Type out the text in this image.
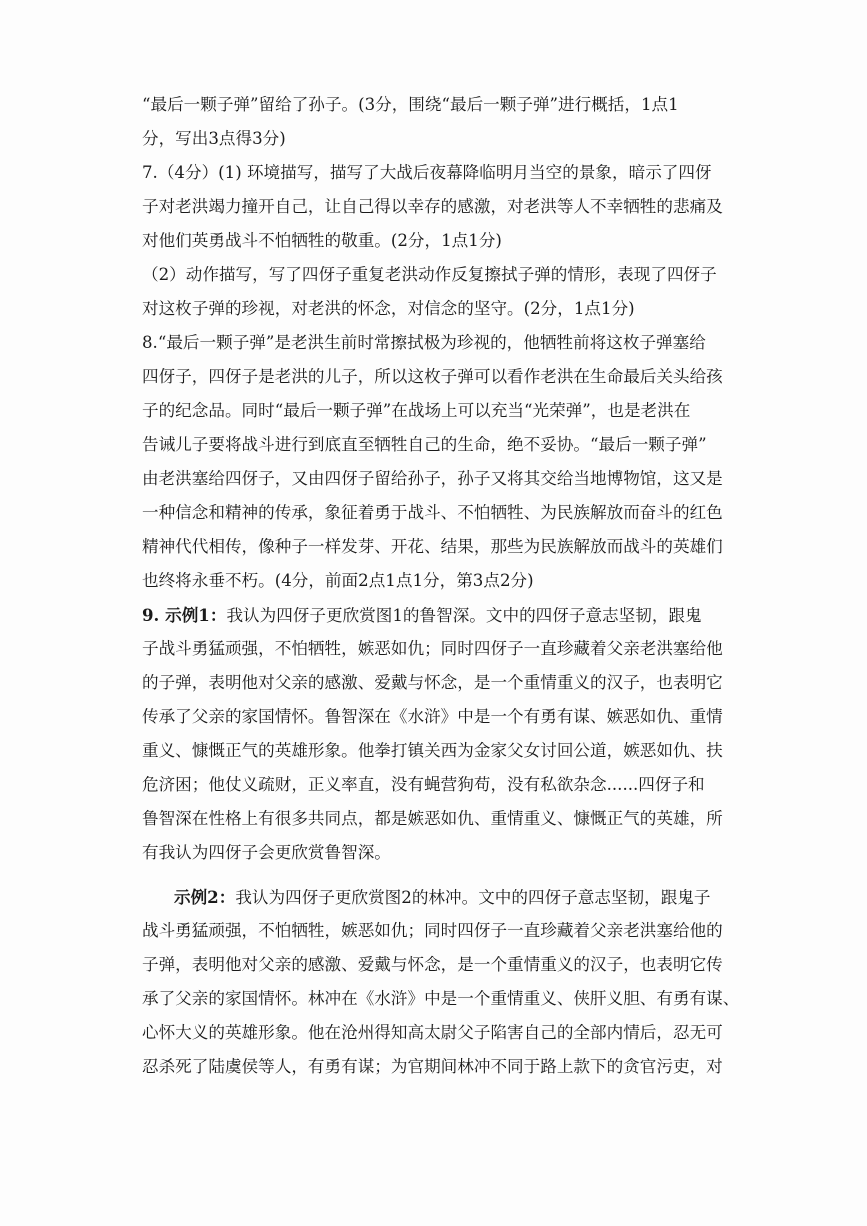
“最后一颗子弹”留给了孙子。(3分，围绕“最后一颗子弹”进行概括，1点1
分，写出3点得3分)
7.（4分）(1) 环境描写，描写了大战后夜幕降临明月当空的景象，暗示了四伢
子对老洪竭力撞开自己，让自己得以幸存的感激，对老洪等人不幸牺牲的悲痛及
对他们英勇战斗不怕牺牲的敬重。(2分，1点1分)
（2）动作描写，写了四伢子重复老洪动作反复擦拭子弹的情形，表现了四伢子
对这枚子弹的珍视，对老洪的怀念，对信念的坚守。(2分，1点1分)
8.“最后一颗子弹”是老洪生前时常擦拭极为珍视的，他牺牲前将这枚子弹塞给
四伢子，四伢子是老洪的儿子，所以这枚子弹可以看作老洪在生命最后关头给孩
子的纪念品。同时“最后一颗子弹”在战场上可以充当“光荣弹”，也是老洪在
告诫儿子要将战斗进行到底直至牺牲自己的生命，绝不妥协。“最后一颗子弹”
由老洪塞给四伢子，又由四伢子留给孙子，孙子又将其交给当地博物馆，这又是
一种信念和精神的传承，象征着勇于战斗、不怕牺牲、为民族解放而奋斗的红色
精神代代相传，像种子一样发芽、开花、结果，那些为民族解放而战斗的英雄们
也终将永垂不朽。(4分，前面2点1点1分，第3点2分)
9. 示例1：我认为四伢子更欣赏图1的鲁智深。文中的四伢子意志坚韧，跟鬼
子战斗勇猛顽强，不怕牺牲，嫉恶如仇；同时四伢子一直珍藏着父亲老洪塞给他
的子弹，表明他对父亲的感激、爱戴与怀念，是一个重情重义的汉子，也表明它
传承了父亲的家国情怀。鲁智深在《水浒》中是一个有勇有谋、嫉恶如仇、重情
重义、慷慨正气的英雄形象。他拳打镇关西为金家父女讨回公道，嫉恶如仇、扶
危济困；他仗义疏财，正义率直，没有蝇营狗苟，没有私欲杂念......四伢子和
鲁智深在性格上有很多共同点，都是嫉恶如仇、重情重义、慷慨正气的英雄，所
有我认为四伢子会更欣赏鲁智深。
示例2：我认为四伢子更欣赏图2的林冲。文中的四伢子意志坚韧，跟鬼子
战斗勇猛顽强，不怕牺牲，嫉恶如仇；同时四伢子一直珍藏着父亲老洪塞给他的
子弹，表明他对父亲的感激、爱戴与怀念，是一个重情重义的汉子，也表明它传
承了父亲的家国情怀。林冲在《水浒》中是一个重情重义、侠肝义胆、有勇有谋、
心怀大义的英雄形象。他在沧州得知高太尉父子陷害自己的全部内情后，忍无可
忍杀死了陆虞侯等人，有勇有谋；为官期间林冲不同于路上款下的贪官污吏，对
